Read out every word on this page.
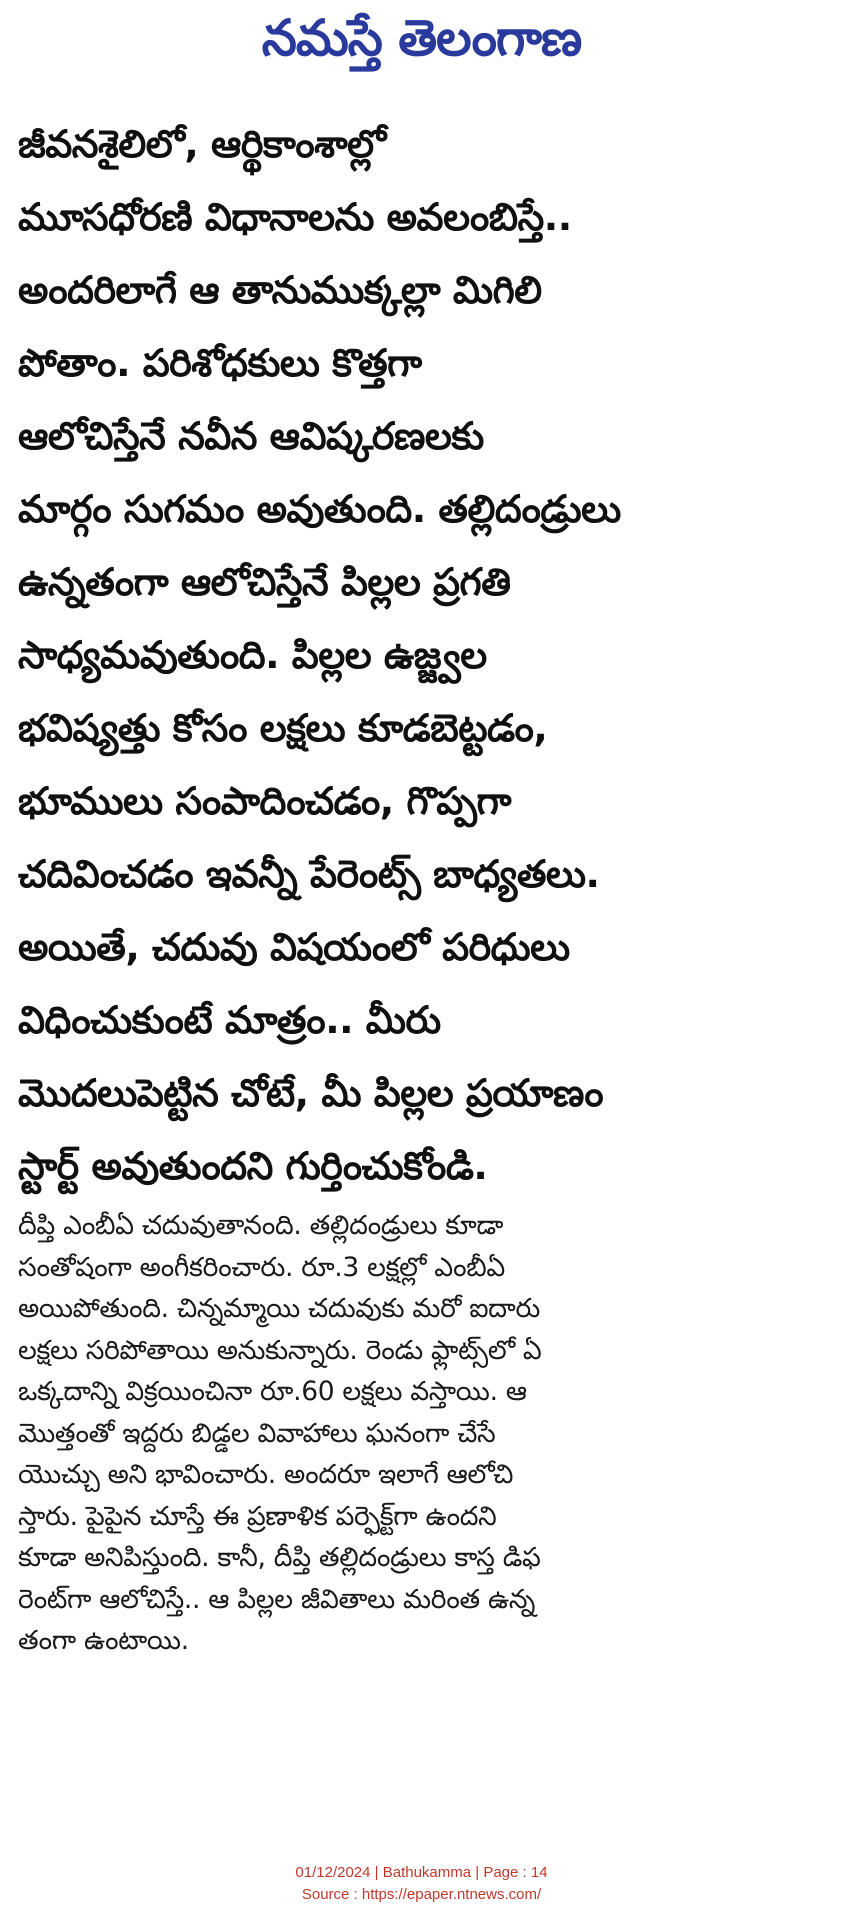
నమస్తే తెలంగాణ
జీవనశైలిలో, ఆర్థికాంశాల్లో
మూసధోరణి విధానాలను అవలంబిస్తే..
అందరిలాగే ఆ తానుముక్కల్లా మిగిలి
పోతాం. పరిశోధకులు కొత్తగా
ఆలోచిస్తేనే నవీన ఆవిష్కరణలకు
మార్గం సుగమం అవుతుంది. తల్లిదండ్రులు
ఉన్నతంగా ఆలోచిస్తేనే పిల్లల ప్రగతి
సాధ్యమవుతుంది. పిల్లల ఉజ్జ్వల
భవిష్యత్తు కోసం లక్షలు కూడబెట్టడం,
భూములు సంపాదించడం, గొప్పగా
చదివించడం ఇవన్నీ పేరెంట్స్ బాధ్యతలు.
అయితే, చదువు విషయంలో పరిధులు
విధించుకుంటే మాత్రం.. మీరు
మొదలుపెట్టిన చోటే, మీ పిల్లల ప్రయాణం
స్టార్ట్ అవుతుందని గుర్తించుకోండి.
దీప్తి ఎంబీఏ చదువుతానంది. తల్లిదండ్రులు కూడా
సంతోషంగా అంగీకరించారు. రూ.3 లక్షల్లో ఎంబీఏ
అయిపోతుంది. చిన్నమ్మాయి చదువుకు మరో ఐదారు
లక్షలు సరిపోతాయి అనుకున్నారు. రెండు ఫ్లాట్స్‌లో ఏ
ఒక్కదాన్ని విక్రయించినా రూ.60 లక్షలు వస్తాయి. ఆ
మొత్తంతో ఇద్దరు బిడ్డల వివాహాలు ఘనంగా చేసే
యొచ్చు అని భావించారు. అందరూ ఇలాగే ఆలోచి
స్తారు. పైపైన చూస్తే ఈ ప్రణాళిక పర్ఫెక్ట్‌గా ఉందని
కూడా అనిపిస్తుంది. కానీ, దీప్తి తల్లిదండ్రులు కాస్త డిఫ
రెంట్‌గా ఆలోచిస్తే.. ఆ పిల్లల జీవితాలు మరింత ఉన్న
తంగా ఉంటాయి.
01/12/2024 | Bathukamma | Page : 14
Source : https://epaper.ntnews.com/
